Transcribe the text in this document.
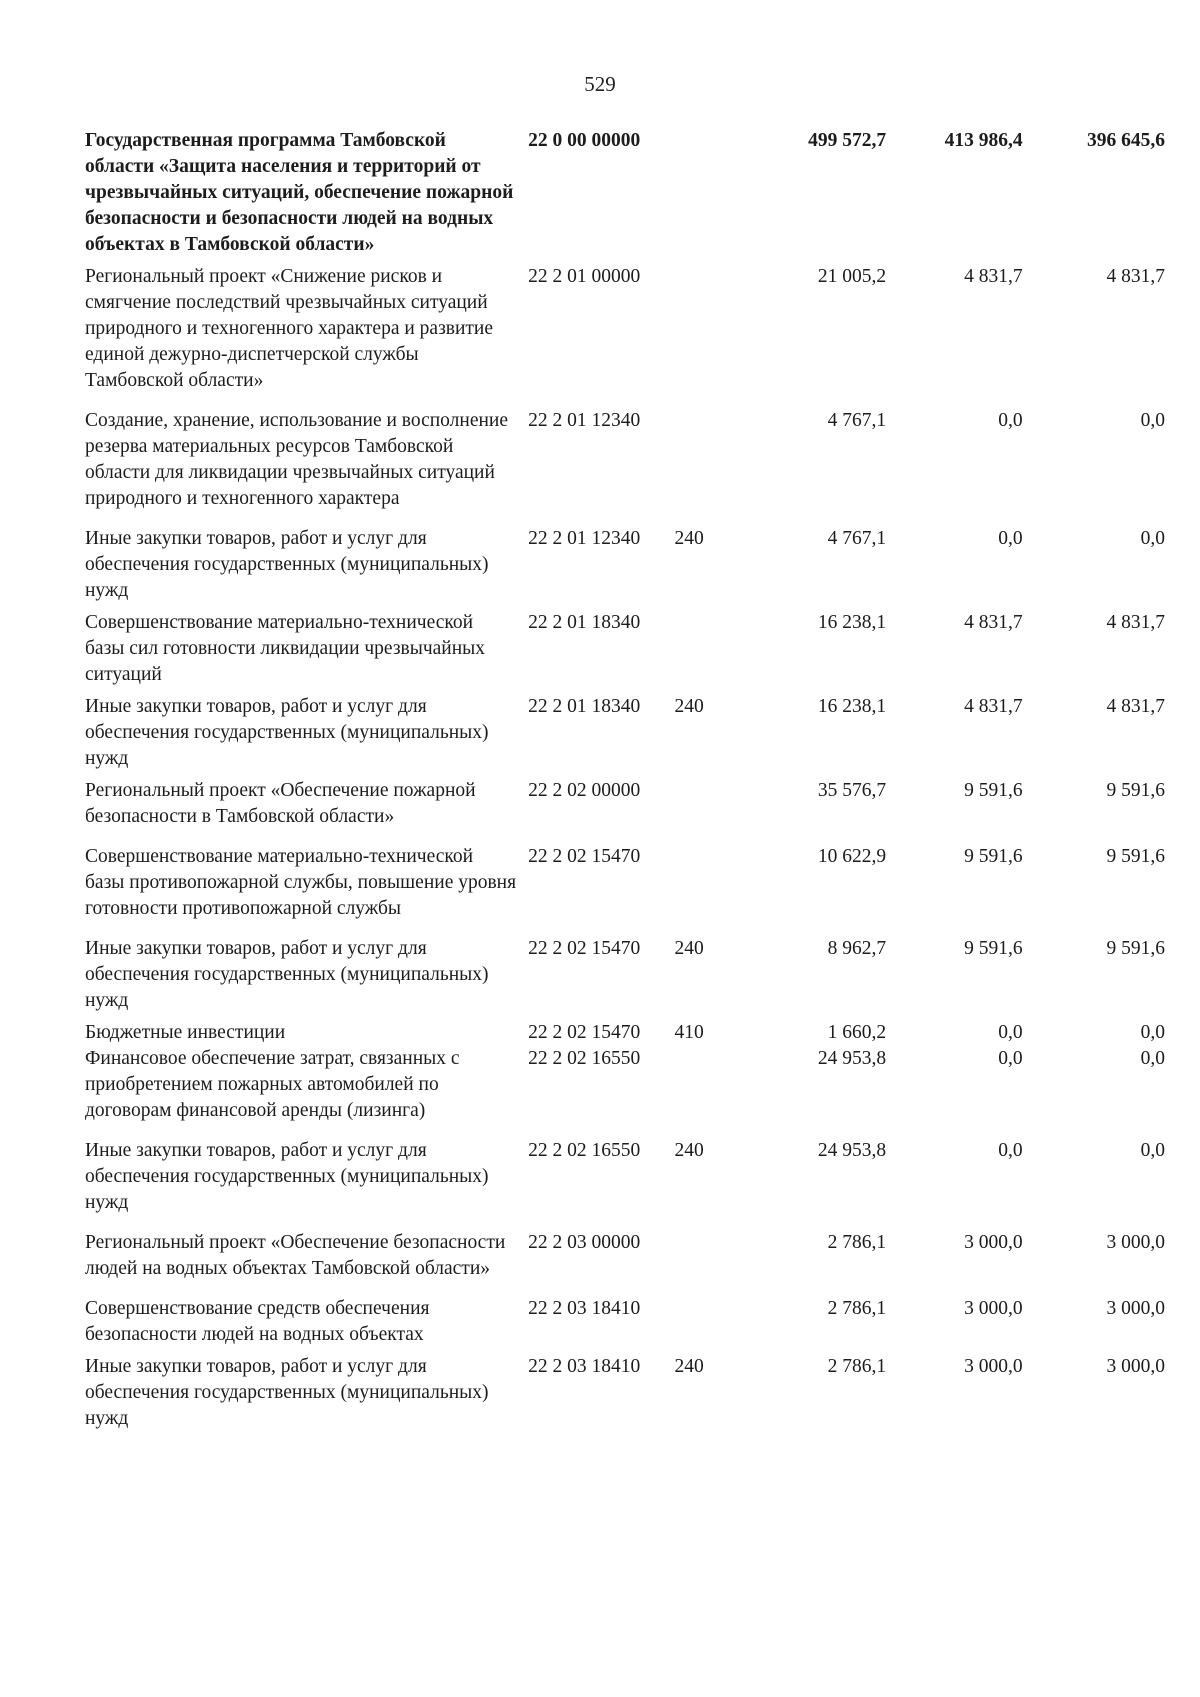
529
Государственная программа Тамбовской области «Защита населения и территорий от чрезвычайных ситуаций, обеспечение пожарной безопасности и безопасности людей на водных объектах в Тамбовской области»
22 0 00 00000	499 572,7	413 986,4	396 645,6
Региональный проект «Снижение рисков и смягчение последствий чрезвычайных ситуаций природного и техногенного характера и развитие единой дежурно-диспетчерской службы Тамбовской области»
22 2 01 00000	21 005,2	4 831,7	4 831,7
Создание, хранение, использование и восполнение резерва материальных ресурсов Тамбовской области для ликвидации чрезвычайных ситуаций природного и техногенного характера
22 2 01 12340	4 767,1	0,0	0,0
Иные закупки товаров, работ и услуг для обеспечения государственных (муниципальных) нужд
22 2 01 12340	240	4 767,1	0,0	0,0
Совершенствование материально-технической базы сил готовности ликвидации чрезвычайных ситуаций
22 2 01 18340	16 238,1	4 831,7	4 831,7
Иные закупки товаров, работ и услуг для обеспечения государственных (муниципальных) нужд
22 2 01 18340	240	16 238,1	4 831,7	4 831,7
Региональный проект «Обеспечение пожарной безопасности в Тамбовской области»
22 2 02 00000	35 576,7	9 591,6	9 591,6
Совершенствование материально-технической базы противопожарной службы, повышение уровня готовности противопожарной службы
22 2 02 15470	10 622,9	9 591,6	9 591,6
Иные закупки товаров, работ и услуг для обеспечения государственных (муниципальных) нужд
22 2 02 15470	240	8 962,7	9 591,6	9 591,6
Бюджетные инвестиции	22 2 02 15470	410	1 660,2	0,0	0,0
Финансовое обеспечение затрат, связанных с приобретением пожарных автомобилей по договорам финансовой аренды (лизинга)
22 2 02 16550	24 953,8	0,0	0,0
Иные закупки товаров, работ и услуг для обеспечения государственных (муниципальных) нужд
22 2 02 16550	240	24 953,8	0,0	0,0
Региональный проект «Обеспечение безопасности людей на водных объектах Тамбовской области»
22 2 03 00000	2 786,1	3 000,0	3 000,0
Совершенствование средств обеспечения безопасности людей на водных объектах
22 2 03 18410	2 786,1	3 000,0	3 000,0
Иные закупки товаров, работ и услуг для обеспечения государственных (муниципальных) нужд
22 2 03 18410	240	2 786,1	3 000,0	3 000,0
